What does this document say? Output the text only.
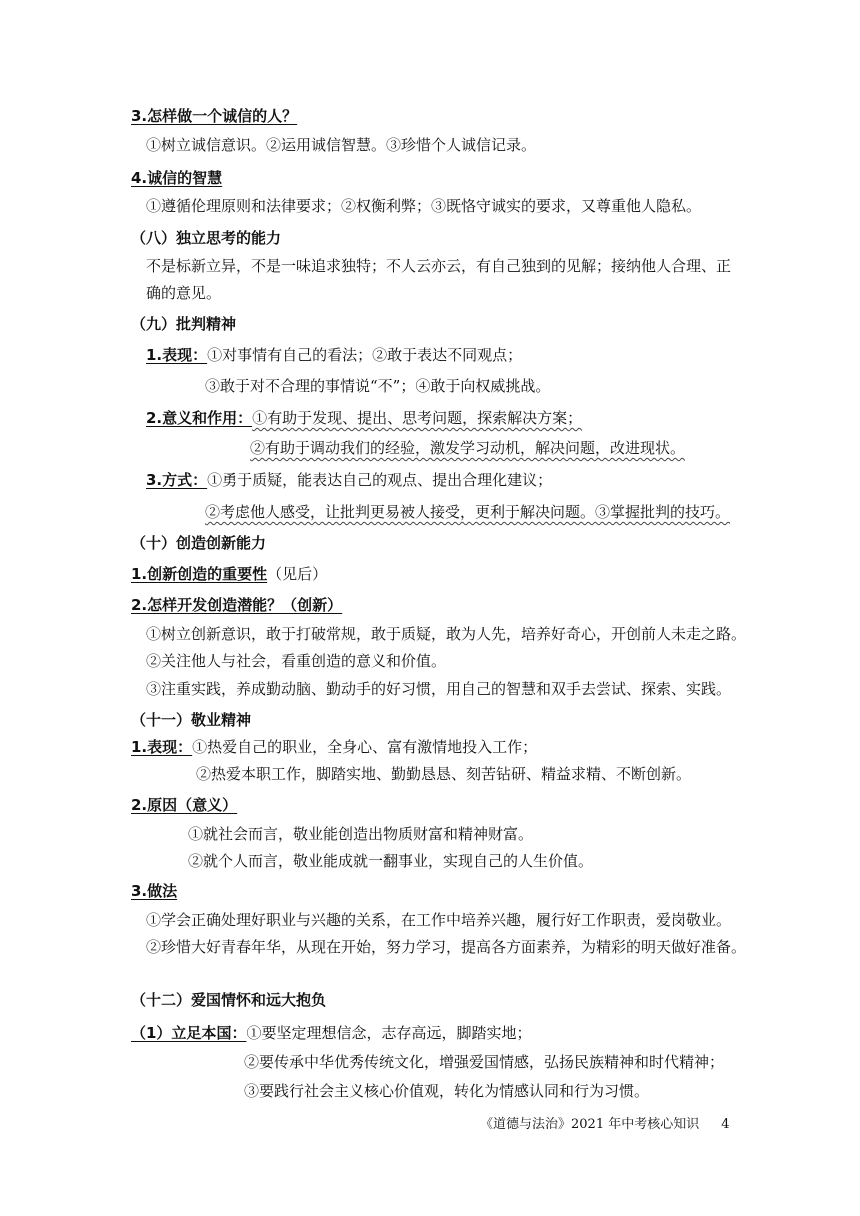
3.怎样做一个诚信的人？
①树立诚信意识。②运用诚信智慧。③珍惜个人诚信记录。
4.诚信的智慧
①遵循伦理原则和法律要求；②权衡利弊；③既恪守诚实的要求，又尊重他人隐私。
（八）独立思考的能力
不是标新立异，不是一味追求独特；不人云亦云，有自己独到的见解；接纳他人合理、正
确的意见。
（九）批判精神
1.表现：①对事情有自己的看法；②敢于表达不同观点；
③敢于对不合理的事情说“不”；④敢于向权威挑战。
2.意义和作用：①有助于发现、提出、思考问题，探索解决方案；
②有助于调动我们的经验，激发学习动机，解决问题，改进现状。
3.方式：①勇于质疑，能表达自己的观点、提出合理化建议；
②考虑他人感受，让批判更易被人接受，更利于解决问题。③掌握批判的技巧。
（十）创造创新能力
1.创新创造的重要性（见后）
2.怎样开发创造潜能？（创新）
①树立创新意识，敢于打破常规，敢于质疑，敢为人先，培养好奇心，开创前人未走之路。
②关注他人与社会，看重创造的意义和价值。
③注重实践，养成勤动脑、勤动手的好习惯，用自己的智慧和双手去尝试、探索、实践。
（十一）敬业精神
1.表现：①热爱自己的职业，全身心、富有激情地投入工作；
②热爱本职工作，脚踏实地、勤勤恳恳、刻苦钻研、精益求精、不断创新。
2.原因（意义）
①就社会而言，敬业能创造出物质财富和精神财富。
②就个人而言，敬业能成就一翻事业，实现自己的人生价值。
3.做法
①学会正确处理好职业与兴趣的关系，在工作中培养兴趣，履行好工作职责，爱岗敬业。
②珍惜大好青春年华，从现在开始，努力学习，提高各方面素养，为精彩的明天做好准备。
（十二）爱国情怀和远大抱负
（1）立足本国：①要坚定理想信念，志存高远，脚踏实地；
②要传承中华优秀传统文化，增强爱国情感，弘扬民族精神和时代精神；
③要践行社会主义核心价值观，转化为情感认同和行为习惯。
《道德与法治》2021 年中考核心知识 4
